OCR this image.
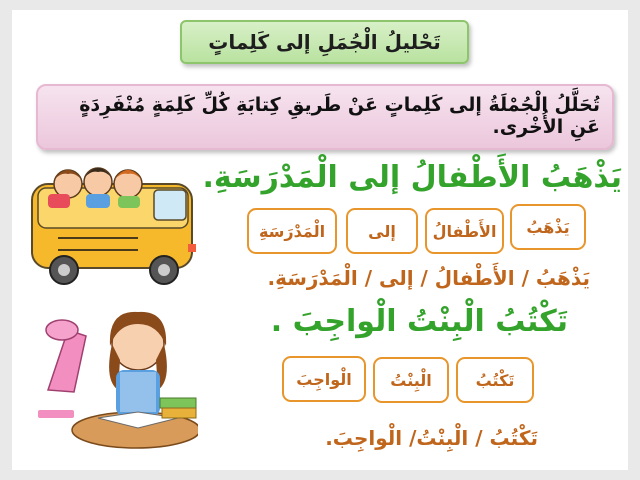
تَحْليلُ الْجُمَلِ إلى كَلِماتٍ
تُحَلَّلُ الْجُمْلَةُ إلى كَلِماتٍ عَنْ طَريقِ كِتابَةِ كُلِّ كَلِمَةٍ مُنْفَرِدَةٍ عَنِ الأُخْرى.
يَذْهَبُ الأَطْفالُ إلى الْمَدْرَسَةِ.
يَذْهَبُ
الأَطْفالُ
إلى
الْمَدْرَسَةِ
يَذْهَبُ / الأَطْفالُ / إلى / الْمَدْرَسَةِ.
تَكْتُبُ الْبِنْتُ الْواجِبَ .
تَكْتُبُ
الْبِنْتُ
الْواجِبَ
تَكْتُبُ / الْبِنْتُ/ الْواجِبَ.
